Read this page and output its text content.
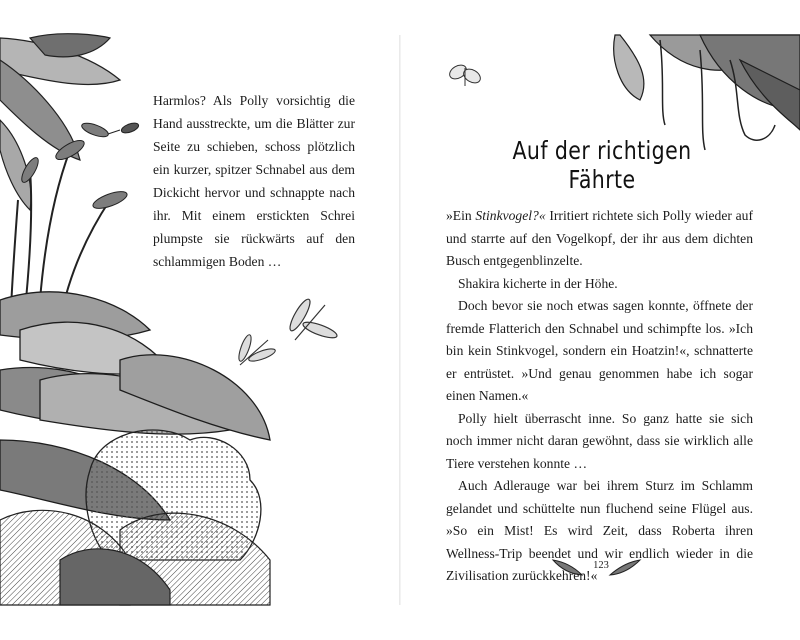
Harmlos? Als Polly vorsichtig die Hand ausstreckte, um die Blätter zur Seite zu schieben, schoss plötzlich ein kurzer, spitzer Schnabel aus dem Dickicht hervor und schnappte nach ihr. Mit einem erstickten Schrei plumpste sie rückwärts auf den schlammigen Boden …

Auf der richtigen Fährte

»Ein Stinkvogel?« Irritiert richtete sich Polly wieder auf und starrte auf den Vogelkopf, der ihr aus dem dichten Busch entgegenblinzelte.

Shakira kicherte in der Höhe.

Doch bevor sie noch etwas sagen konnte, öffnete der fremde Flatterich den Schnabel und schimpfte los. »Ich bin kein Stinkvogel, sondern ein Hoatzin!«, schnatterte er entrüstet. »Und genau genommen habe ich sogar einen Namen.«

Polly hielt überrascht inne. So ganz hatte sie sich noch immer nicht daran gewöhnt, dass sie wirklich alle Tiere verstehen konnte …

Auch Adlerauge war bei ihrem Sturz im Schlamm gelandet und schüttelte nun fluchend seine Flügel aus. »So ein Mist! Es wird Zeit, dass Roberta ihren Wellness-Trip beendet und wir endlich wieder in die Zivilisation zurückkehren!«

123
